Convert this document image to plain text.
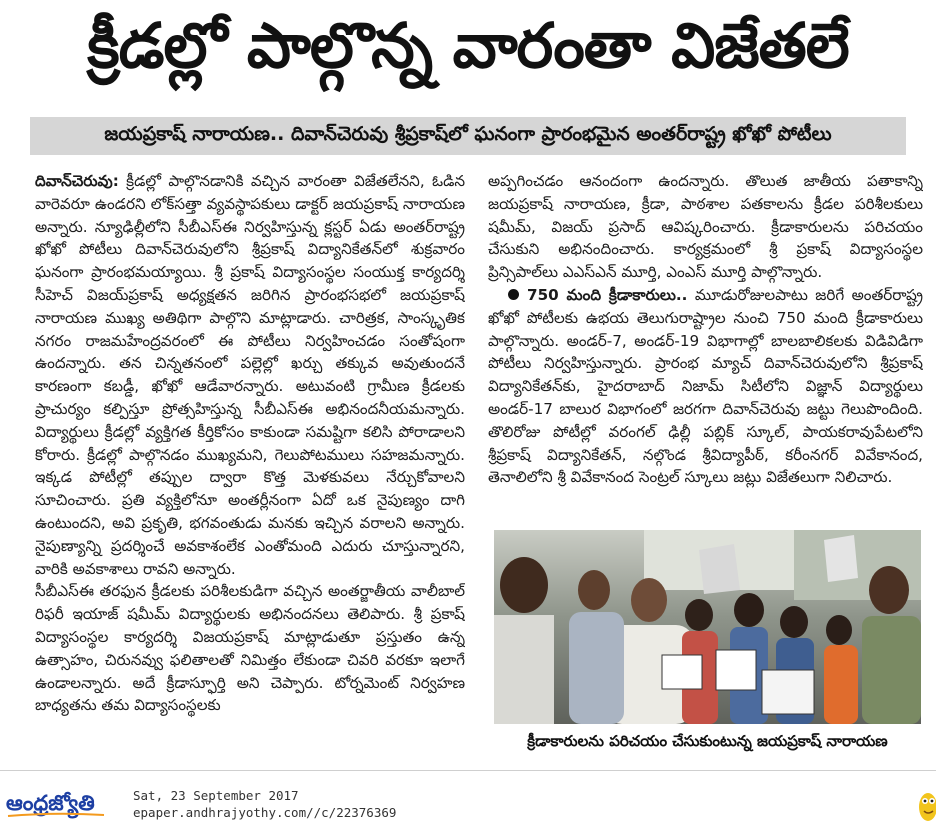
క్రీడల్లో పాల్గొన్న వారంతా విజేతలే
జయప్రకాష్‌ నారాయణ.. దివాన్‌చెరువు శ్రీప్రకాష్‌లో ఘనంగా ప్రారంభమైన అంతర్‌రాష్ట్ర ఖోఖో పోటీలు

దివాన్‌చెరువు: క్రీడల్లో పాల్గొనడానికి వచ్చిన వారంతా విజేతలేనని, ఓడిన వారెవరూ ఉండరని లోక్‌సత్తా వ్యవస్థాపకులు డాక్టర్‌ జయప్రకాష్‌ నారాయణ అన్నారు. న్యూఢిల్లీలోని సీబీఎస్‌ఈ నిర్వహిస్తున్న క్లస్టర్‌ ఏడు అంతర్‌రాష్ట్ర ఖోఖో పోటీలు దివాన్‌చెరువులోని శ్రీప్రకాష్‌ విద్యానికేతన్‌లో శుక్రవారం ఘనంగా ప్రారంభమయ్యాయి. శ్రీ ప్రకాష్‌ విద్యాసంస్థల సంయుక్త కార్యదర్శి సీహెచ్‌ విజయ్‌ప్రకాష్‌ అధ్యక్షతన జరిగిన ప్రారంభసభలో జయప్రకాష్‌ నారాయణ ముఖ్య అతిథిగా పాల్గొని మాట్లాడారు. చారిత్రక, సాంస్కృతిక నగరం రాజమహేంద్రవరంలో ఈ పోటీలు నిర్వహించడం సంతోషంగా ఉందన్నారు. తన చిన్నతనంలో పల్లెల్లో ఖర్చు తక్కువ అవుతుందనే కారణంగా కబడ్డీ, ఖోఖో ఆడేవారన్నారు. అటువంటి గ్రామీణ క్రీడలకు ప్రాచుర్యం కల్పిస్తూ ప్రోత్సహిస్తున్న సీబీఎస్‌ఈ అభినందనీయమన్నారు. విద్యార్థులు క్రీడల్లో వ్యక్తిగత కీర్తికోసం కాకుండా సమష్టిగా కలిసి పోరాడాలని కోరారు. క్రీడల్లో పాల్గొనడం ముఖ్యమని, గెలుపోటములు సహజమన్నారు. ఇక్కడ పోటీల్లో తప్పుల ద్వారా కొత్త మెళకువలు నేర్చుకోవాలని సూచించారు. ప్రతి వ్యక్తిలోనూ అంతర్లీనంగా ఏదో ఒక నైపుణ్యం దాగి ఉంటుందని, అవి ప్రకృతి, భగవంతుడు మనకు ఇచ్చిన వరాలని అన్నారు. నైపుణ్యాన్ని ప్రదర్శించే అవకాశంలేక ఎంతోమంది ఎదురు చూస్తున్నారని, వారికి అవకాశాలు రావని అన్నారు.

సీబీఎస్‌ఈ తరఫున క్రీడలకు పరిశీలకుడిగా వచ్చిన అంతర్జాతీయ వాలీబాల్‌ రిఫరీ ఇయాజ్‌ షమీమ్‌ విద్యార్థులకు అభినందనలు తెలిపారు. శ్రీ ప్రకాష్‌ విద్యాసంస్థల కార్యదర్శి విజయప్రకాష్‌ మాట్లాడుతూ ప్రస్తుతం ఉన్న ఉత్సాహం, చిరునవ్వు ఫలితాలతో నిమిత్తం లేకుండా చివరి వరకూ ఇలాగే ఉండాలన్నారు. అదే క్రీడాస్ఫూర్తి అని చెప్పారు. టోర్నమెంట్‌ నిర్వహణ బాధ్యతను తమ విద్యాసంస్థలకు

అప్పగించడం ఆనందంగా ఉందన్నారు. తొలుత జాతీయ పతాకాన్ని జయప్రకాష్‌ నారాయణ, క్రీడా, పాఠశాల పతకాలను క్రీడల పరిశీలకులు షమీమ్‌, విజయ్‌ ప్రసాద్‌ ఆవిష్కరించారు. క్రీడాకారులను పరిచయం చేసుకుని అభినందించారు. కార్యక్రమంలో శ్రీ ప్రకాష్‌ విద్యాసంస్థల ప్రిన్సిపాల్‌లు ఎఎస్‌ఎన్‌ మూర్తి, ఎంఎస్‌ మూర్తి పాల్గొన్నారు.

750 మంది క్రీడాకారులు.. మూడురోజులపాటు జరిగే అంతర్‌రాష్ట్ర ఖోఖో పోటీలకు ఉభయ తెలుగురాష్ట్రాల నుంచి 750 మంది క్రీడాకారులు పాల్గొన్నారు. అండర్‌-7, అండర్‌-19 విభాగాల్లో బాలబాలికలకు విడివిడిగా పోటీలు నిర్వహిస్తున్నారు. ప్రారంభ మ్యాచ్‌ దివాన్‌చెరువులోని శ్రీప్రకాష్‌ విద్యానికేతన్‌కు, హైదరాబాద్‌ నిజామ్‌ సిటీలోని విజ్ఞాన్‌ విద్యార్థులు అండర్‌-17 బాలుర విభాగంలో జరగగా దివాన్‌చెరువు జట్టు గెలుపొందింది. తొలిరోజు పోటీల్లో వరంగల్‌ ఢిల్లీ పబ్లిక్‌ స్కూల్‌, పాయకరావుపేటలోని శ్రీప్రకాష్‌ విద్యానికేతన్‌, నల్గొండ శ్రీవిద్యాపీఠ్‌, కరీంనగర్‌ వివేకానంద, తెనాలిలోని శ్రీ వివేకానంద సెంట్రల్‌ స్కూలు జట్లు విజేతలుగా నిలిచారు.

క్రీడాకారులను పరిచయం చేసుకుంటున్న జయప్రకాష్‌ నారాయణ
ఆంధ్రజ్యోతి	Sat, 23 September 2017
epaper.andhrajyothy.com//c/22376369
